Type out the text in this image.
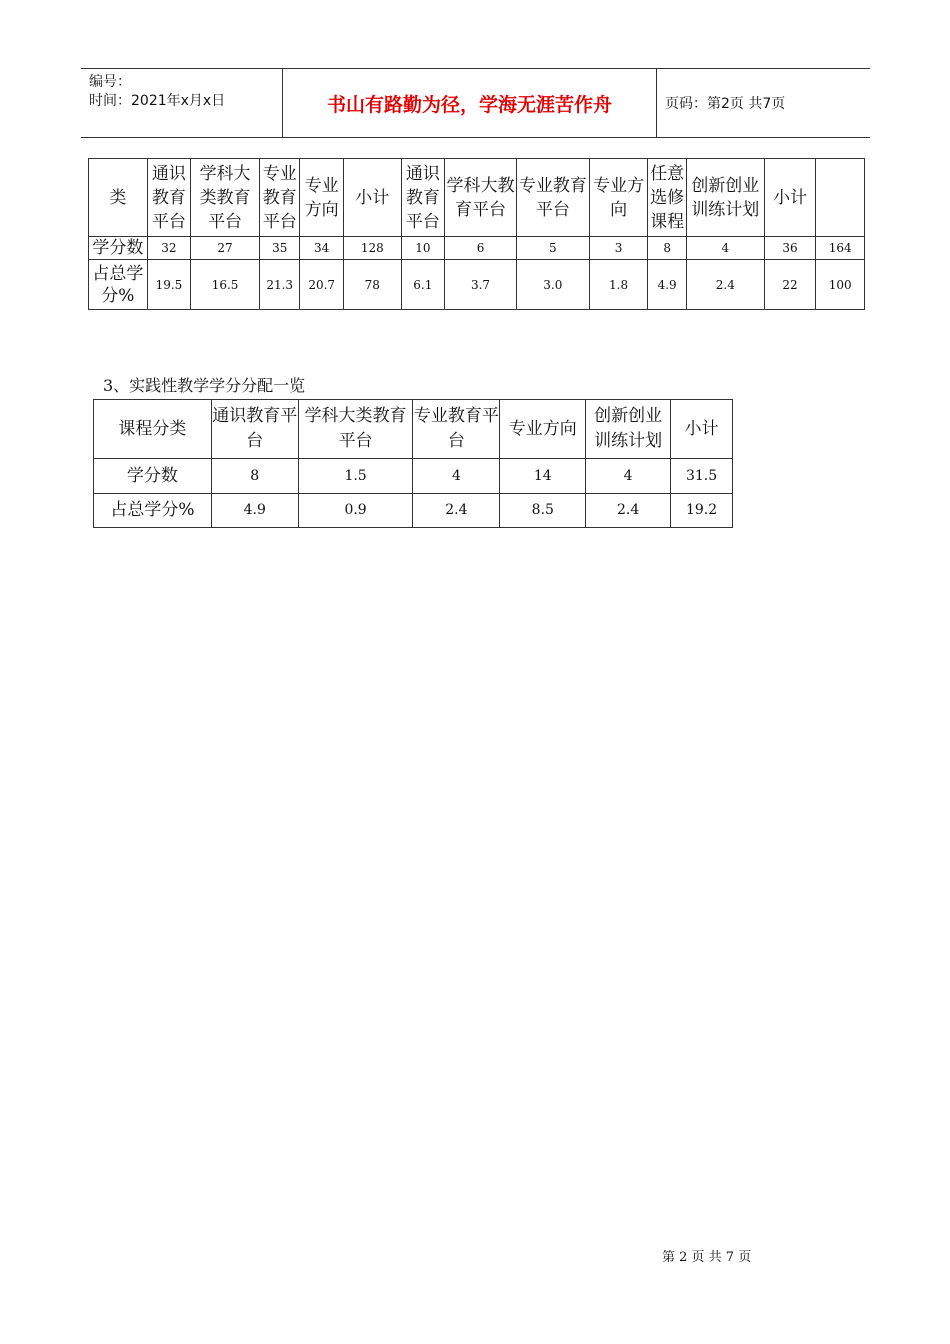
编号：
时间：2021年x月x日	书山有路勤为径，学海无涯苦作舟	页码：第2页 共7页
类	通识教育平台	学科大类教育平台	专业教育平台	专业方向	小计	通识教育平台	学科大教育平台	专业教育平台	专业方向	任意选修课程	创新创业训练计划	小计	
学分数	32	27	35	34	128	10	6	5	3	8	4	36	164
占总学分%	19.5	16.5	21.3	20.7	78	6.1	3.7	3.0	1.8	4.9	2.4	22	100
3、实践性教学学分分配一览
课程分类	通识教育平台	学科大类教育平台	专业教育平台	专业方向	创新创业训练计划	小计
学分数	8	1.5	4	14	4	31.5
占总学分%	4.9	0.9	2.4	8.5	2.4	19.2
第 2 页 共 7 页
